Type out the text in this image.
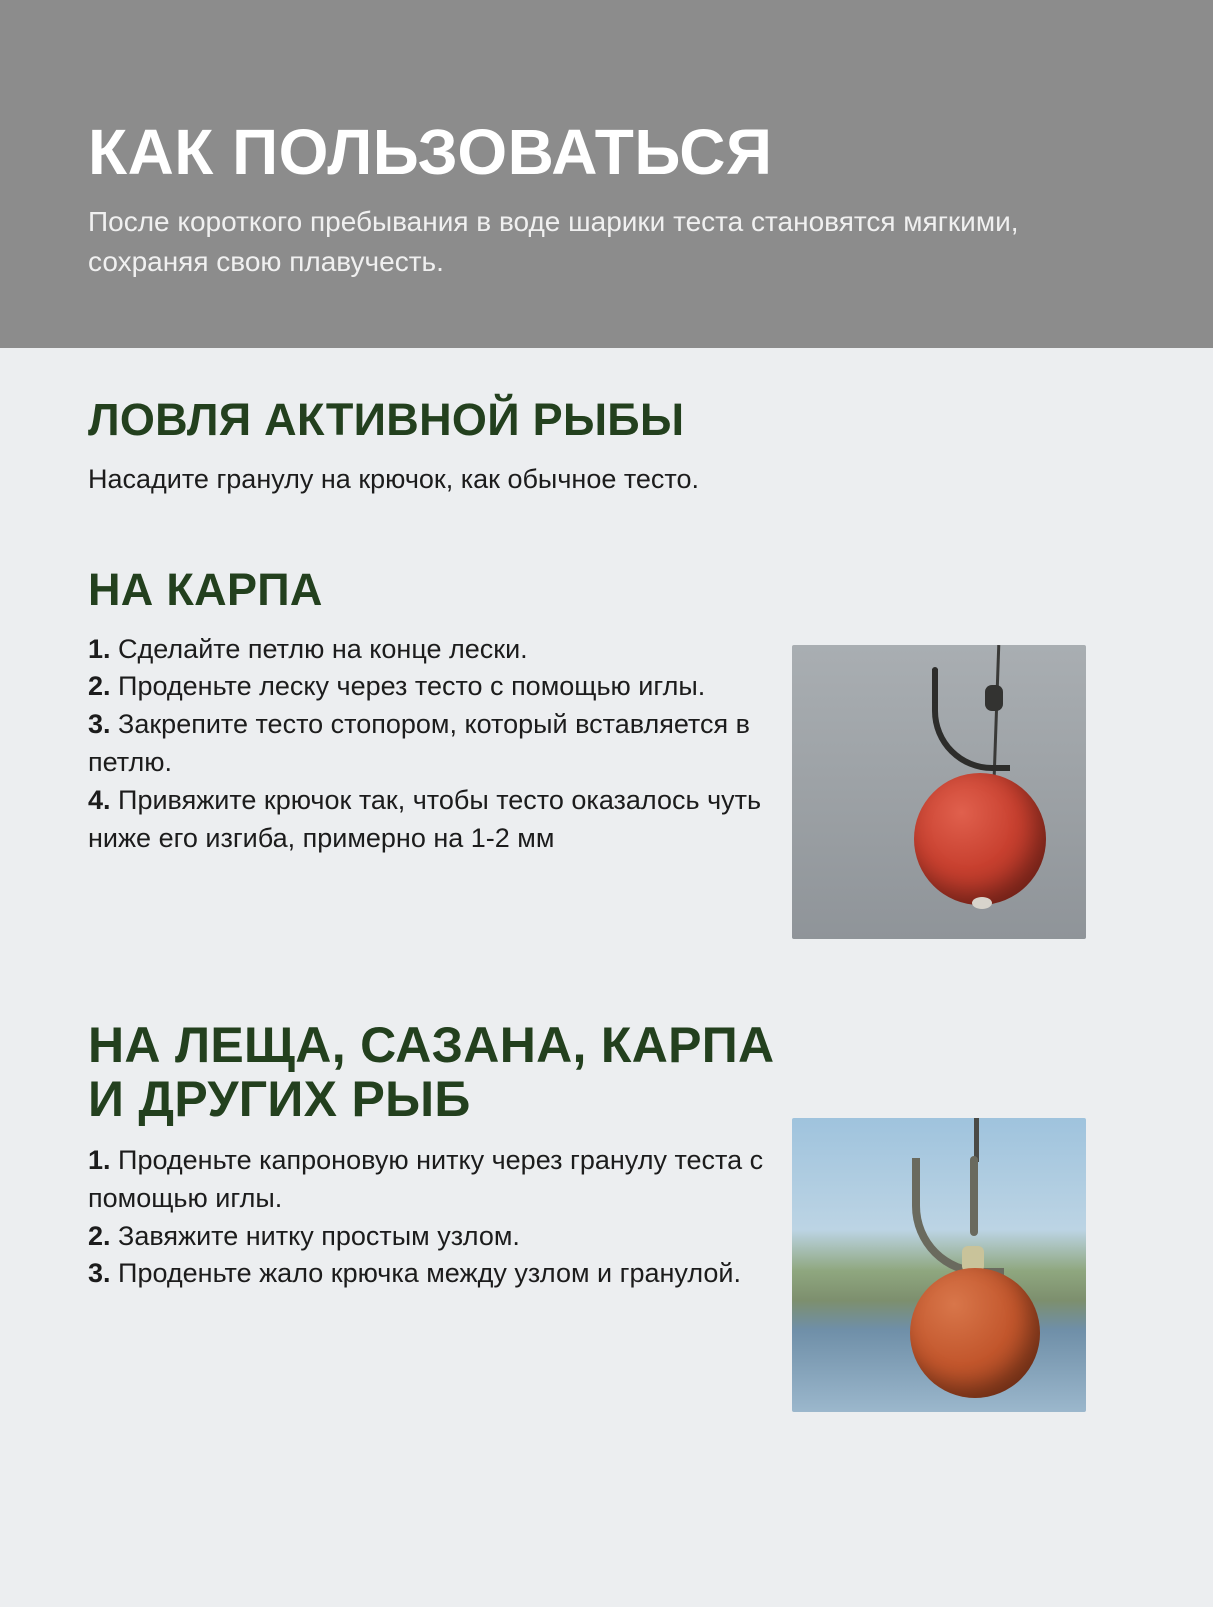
КАК ПОЛЬЗОВАТЬСЯ

После короткого пребывания в воде шарики теста становятся мягкими, сохраняя свою плавучесть.

ЛОВЛЯ АКТИВНОЙ РЫБЫ

Насадите гранулу на крючок, как обычное тесто.

НА КАРПА

1. Сделайте петлю на конце лески.

2. Проденьте леску через тесто с помощью иглы.

3. Закрепите тесто стопором, который вставляется в петлю.

4. Привяжите крючок так, чтобы тесто оказалось чуть ниже его изгиба, примерно на 1-2 мм

НА ЛЕЩА, САЗАНА, КАРПА И ДРУГИХ РЫБ

1. Проденьте капроновую нитку через гранулу теста с помощью иглы.

2. Завяжите нитку простым узлом.

3. Проденьте жало крючка между узлом и гранулой.
